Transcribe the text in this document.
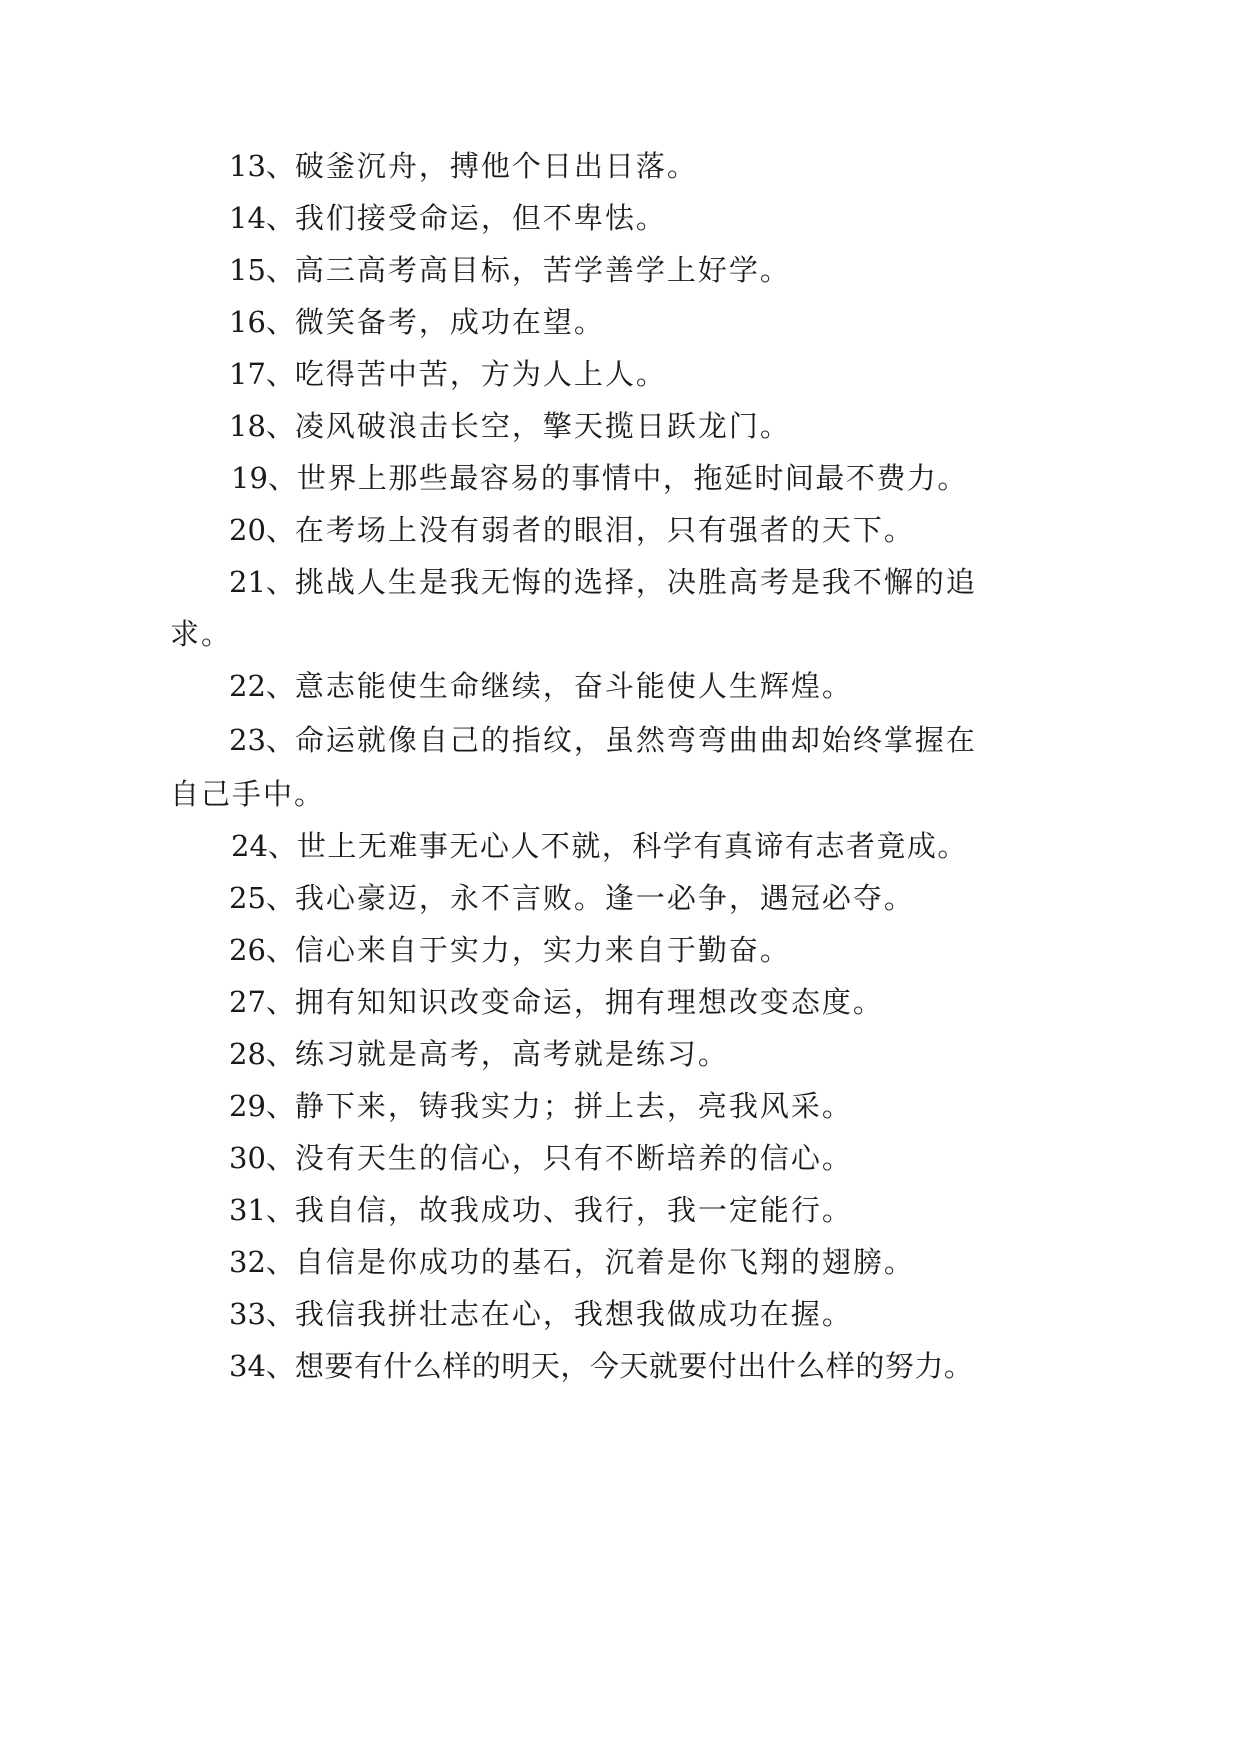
13、破釜沉舟，搏他个日出日落。
14、我们接受命运，但不卑怯。
15、高三高考高目标，苦学善学上好学。
16、微笑备考，成功在望。
17、吃得苦中苦，方为人上人。
18、凌风破浪击长空，擎天揽日跃龙门。
19、世界上那些最容易的事情中，拖延时间最不费力。
20、在考场上没有弱者的眼泪，只有强者的天下。
21、挑战人生是我无悔的选择，决胜高考是我不懈的追
求。
22、意志能使生命继续，奋斗能使人生辉煌。
23、命运就像自己的指纹，虽然弯弯曲曲却始终掌握在
自己手中。
24、世上无难事无心人不就，科学有真谛有志者竟成。
25、我心豪迈，永不言败。逢一必争，遇冠必夺。
26、信心来自于实力，实力来自于勤奋。
27、拥有知知识改变命运，拥有理想改变态度。
28、练习就是高考，高考就是练习。
29、静下来，铸我实力；拼上去，亮我风采。
30、没有天生的信心，只有不断培养的信心。
31、我自信，故我成功、我行，我一定能行。
32、自信是你成功的基石，沉着是你飞翔的翅膀。
33、我信我拼壮志在心，我想我做成功在握。
34、想要有什么样的明天，今天就要付出什么样的努力。
